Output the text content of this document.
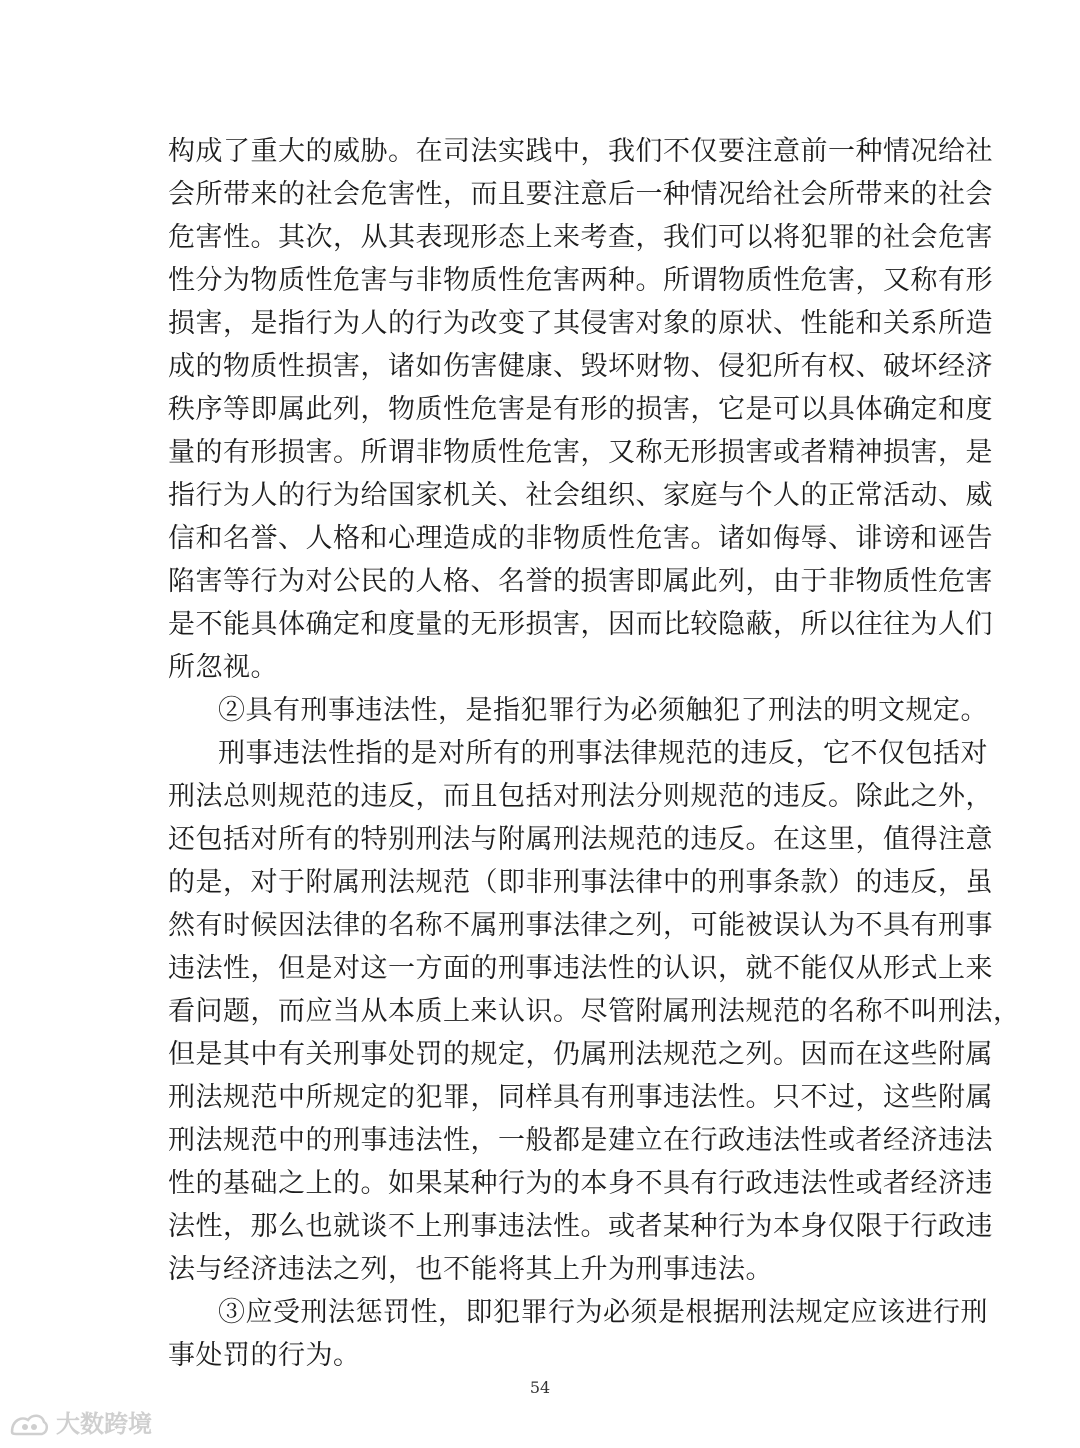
构成了重大的威胁。在司法实践中，我们不仅要注意前一种情况给社
会所带来的社会危害性，而且要注意后一种情况给社会所带来的社会
危害性。其次，从其表现形态上来考查，我们可以将犯罪的社会危害
性分为物质性危害与非物质性危害两种。所谓物质性危害，又称有形
损害，是指行为人的行为改变了其侵害对象的原状、性能和关系所造
成的物质性损害，诸如伤害健康、毁坏财物、侵犯所有权、破坏经济
秩序等即属此列，物质性危害是有形的损害，它是可以具体确定和度
量的有形损害。所谓非物质性危害，又称无形损害或者精神损害，是
指行为人的行为给国家机关、社会组织、家庭与个人的正常活动、威
信和名誉、人格和心理造成的非物质性危害。诸如侮辱、诽谤和诬告
陷害等行为对公民的人格、名誉的损害即属此列，由于非物质性危害
是不能具体确定和度量的无形损害，因而比较隐蔽，所以往往为人们
所忽视。
②具有刑事违法性，是指犯罪行为必须触犯了刑法的明文规定。
刑事违法性指的是对所有的刑事法律规范的违反，它不仅包括对
刑法总则规范的违反，而且包括对刑法分则规范的违反。除此之外，
还包括对所有的特别刑法与附属刑法规范的违反。在这里，值得注意
的是，对于附属刑法规范（即非刑事法律中的刑事条款）的违反，虽
然有时候因法律的名称不属刑事法律之列，可能被误认为不具有刑事
违法性，但是对这一方面的刑事违法性的认识，就不能仅从形式上来
看问题，而应当从本质上来认识。尽管附属刑法规范的名称不叫刑法，
但是其中有关刑事处罚的规定，仍属刑法规范之列。因而在这些附属
刑法规范中所规定的犯罪，同样具有刑事违法性。只不过，这些附属
刑法规范中的刑事违法性，一般都是建立在行政违法性或者经济违法
性的基础之上的。如果某种行为的本身不具有行政违法性或者经济违
法性，那么也就谈不上刑事违法性。或者某种行为本身仅限于行政违
法与经济违法之列，也不能将其上升为刑事违法。
③应受刑法惩罚性，即犯罪行为必须是根据刑法规定应该进行刑
事处罚的行为。
54
大数跨境
